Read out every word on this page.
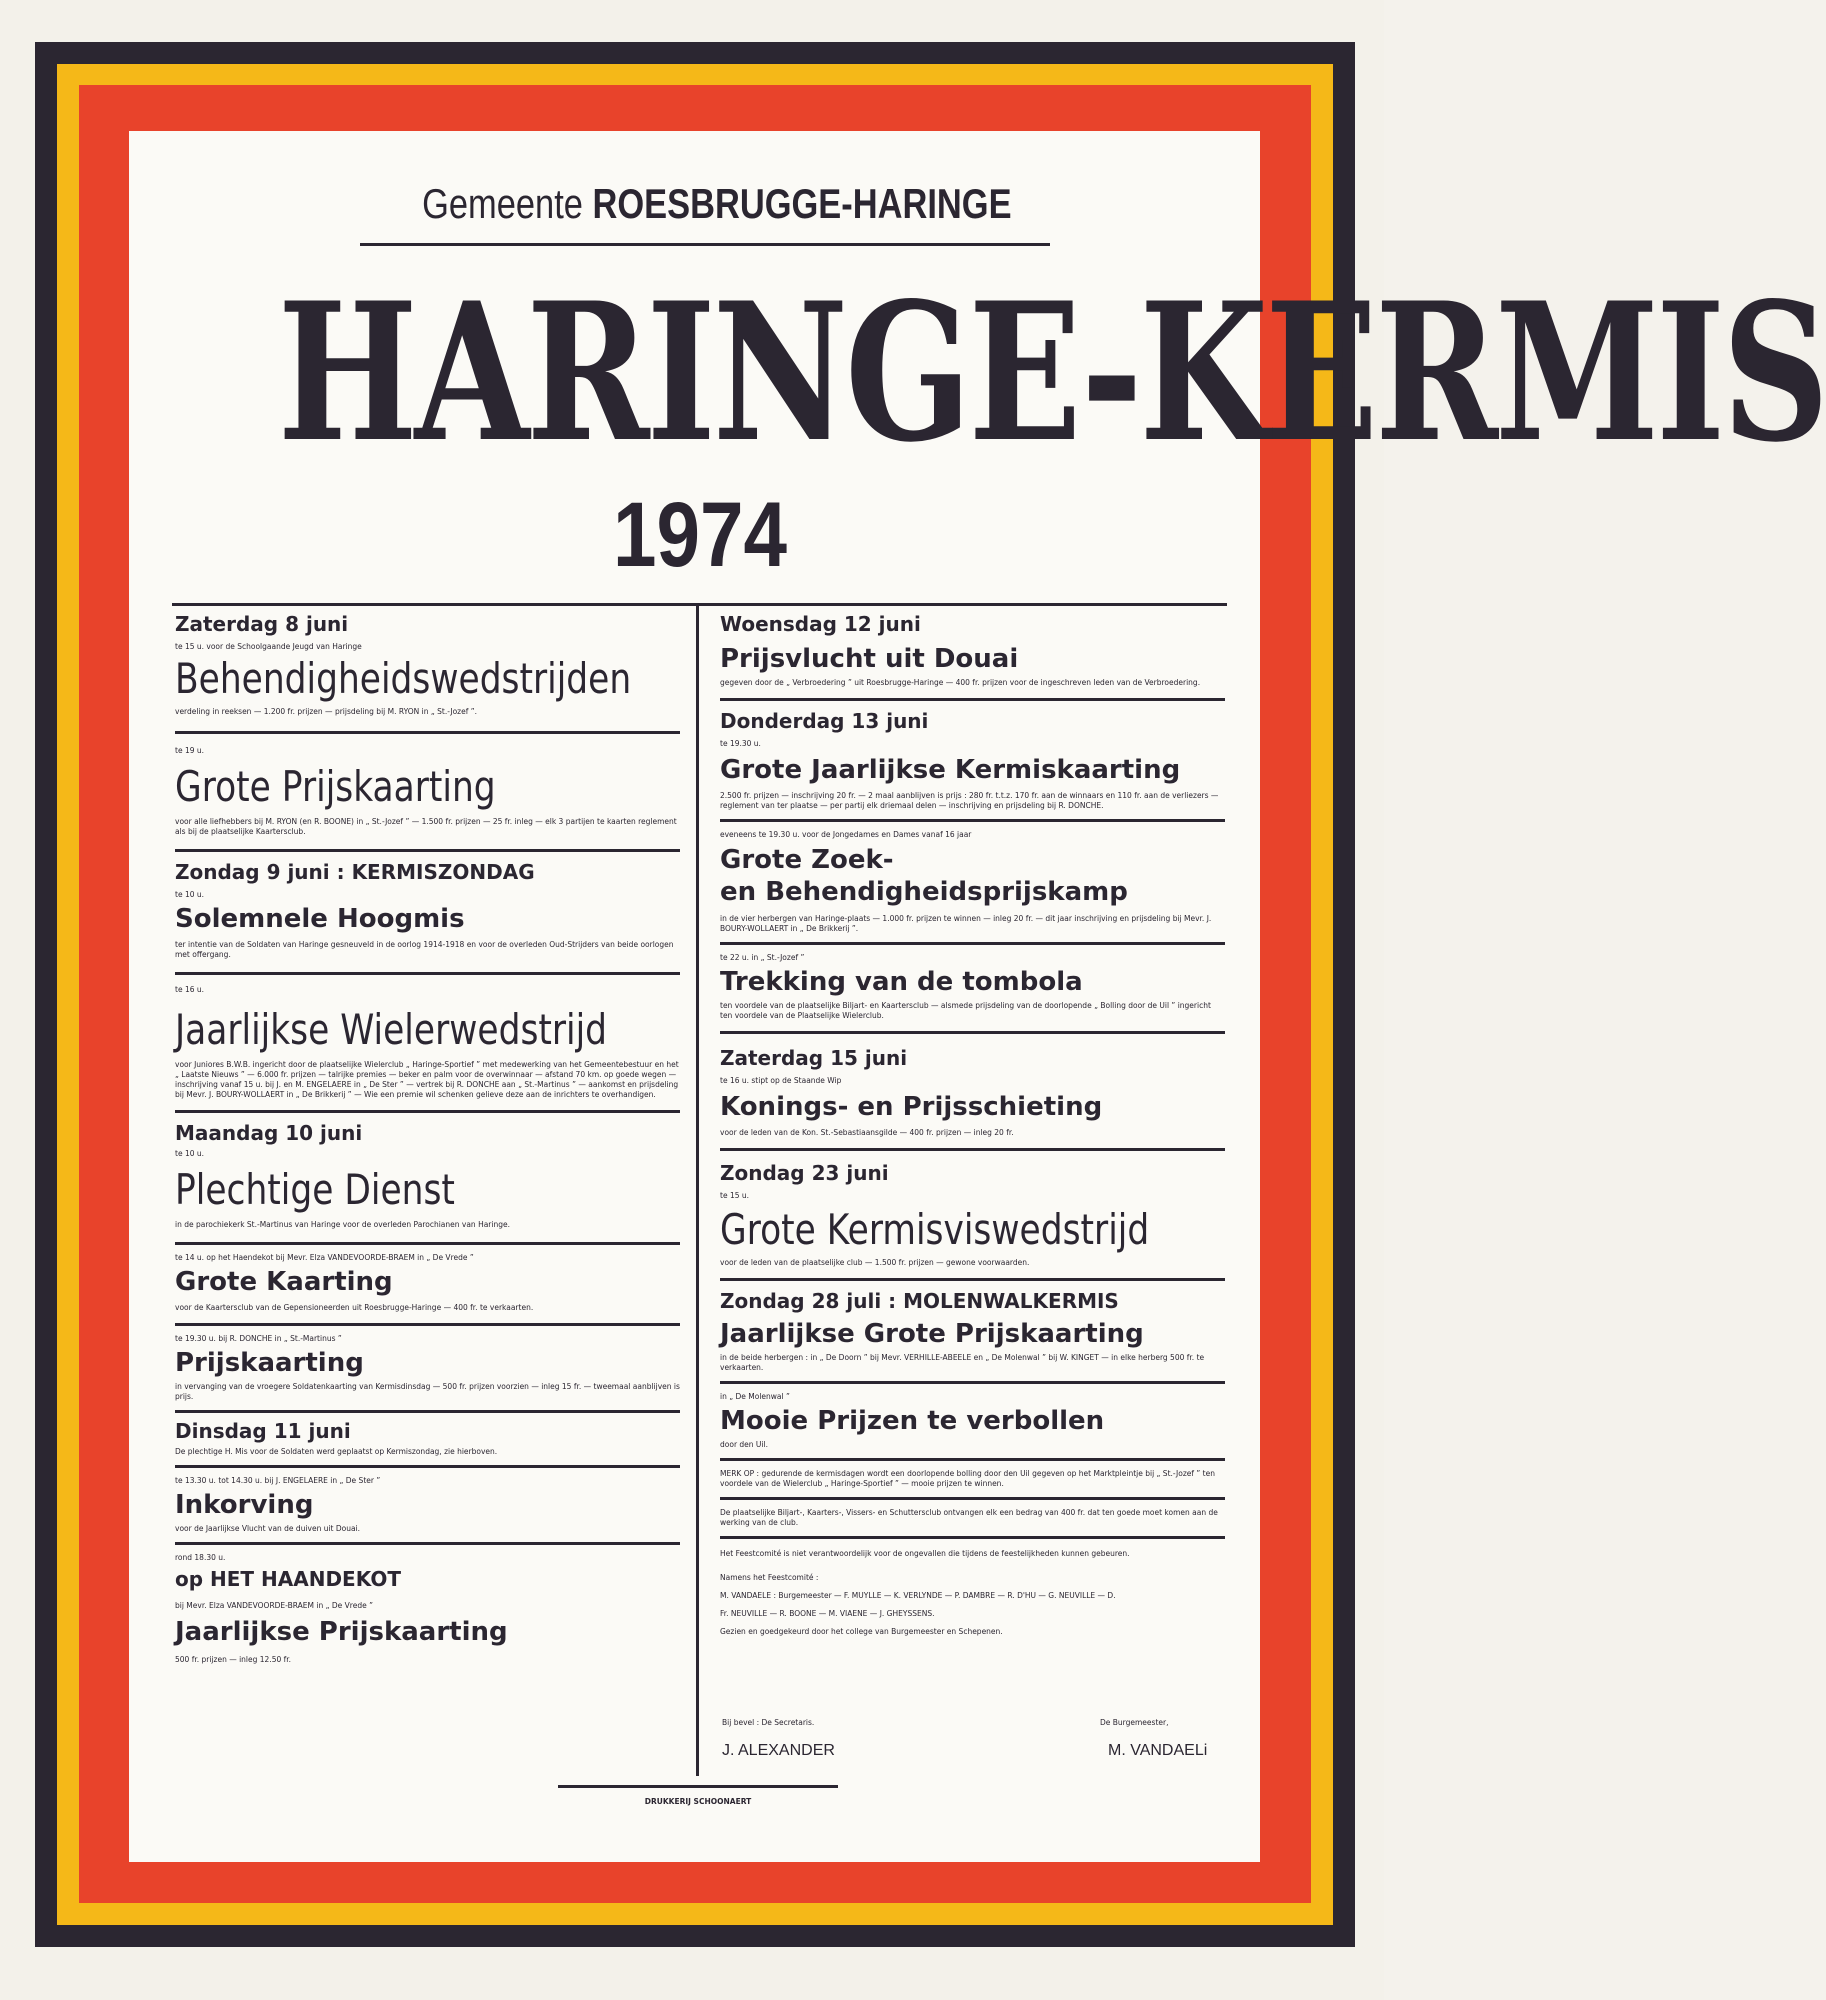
Gemeente ROESBRUGGE-HARINGE
HARINGE-KERMIS
1974

Zaterdag 8 juni

te 15 u. voor de Schoolgaande Jeugd van Haringe

Behendigheidswedstrijden

verdeling in reeksen — 1.200 fr. prijzen — prijsdeling bij M. RYON in „ St.-Jozef ”.

te 19 u.

Grote Prijskaarting

voor alle liefhebbers bij M. RYON (en R. BOONE) in „ St.-Jozef ” — 1.500 fr. prijzen — 25 fr. inleg — elk 3 partijen te kaarten reglement als bij de plaatselijke Kaartersclub.

Zondag 9 juni : KERMISZONDAG

te 10 u.

Solemnele Hoogmis

ter intentie van de Soldaten van Haringe gesneuveld in de oorlog 1914-1918 en voor de overleden Oud-Strijders van beide oorlogen met offergang.

te 16 u.

Jaarlijkse Wielerwedstrijd

voor Juniores B.W.B. ingericht door de plaatselijke Wielerclub „ Haringe-Sportief ” met medewerking van het Gemeentebestuur en het „ Laatste Nieuws ” — 6.000 fr. prijzen — talrijke premies — beker en palm voor de overwinnaar — afstand 70 km. op goede wegen — inschrijving vanaf 15 u. bij J. en M. ENGELAERE in „ De Ster ” — vertrek bij R. DONCHE aan „ St.-Martinus ” — aankomst en prijsdeling bij Mevr. J. BOURY-WOLLAERT in „ De Brikkerij ” — Wie een premie wil schenken gelieve deze aan de inrichters te overhandigen.

Maandag 10 juni

te 10 u.

Plechtige Dienst

in de parochiekerk St.-Martinus van Haringe voor de overleden Parochianen van Haringe.

te 14 u. op het Haendekot bij Mevr. Elza VANDEVOORDE-BRAEM in „ De Vrede ”

Grote Kaarting

voor de Kaartersclub van de Gepensioneerden uit Roesbrugge-Haringe — 400 fr. te verkaarten.

te 19.30 u. bij R. DONCHE in „ St.-Martinus ”

Prijskaarting

in vervanging van de vroegere Soldatenkaarting van Kermisdinsdag — 500 fr. prijzen voorzien — inleg 15 fr. — tweemaal aanblijven is prijs.

Dinsdag 11 juni

De plechtige H. Mis voor de Soldaten werd geplaatst op Kermiszondag, zie hierboven.

te 13.30 u. tot 14.30 u. bij J. ENGELAERE in „ De Ster ”

Inkorving

voor de Jaarlijkse Vlucht van de duiven uit Douai.

rond 18.30 u.

op HET HAANDEKOT

bij Mevr. Elza VANDEVOORDE-BRAEM in „ De Vrede ”

Jaarlijkse Prijskaarting

500 fr. prijzen — inleg 12.50 fr.

Woensdag 12 juni

Prijsvlucht uit Douai

gegeven door de „ Verbroedering ” uit Roesbrugge-Haringe — 400 fr. prijzen voor de ingeschreven leden van de Verbroedering.

Donderdag 13 juni

te 19.30 u.

Grote Jaarlijkse Kermiskaarting

2.500 fr. prijzen — inschrijving 20 fr. — 2 maal aanblijven is prijs : 280 fr. t.t.z. 170 fr. aan de winnaars en 110 fr. aan de verliezers — reglement van ter plaatse — per partij elk driemaal delen — inschrijving en prijsdeling bij R. DONCHE.

eveneens te 19.30 u. voor de Jongedames en Dames vanaf 16 jaar

Grote Zoek-

en Behendigheidsprijskamp

in de vier herbergen van Haringe-plaats — 1.000 fr. prijzen te winnen — inleg 20 fr. — dit jaar inschrijving en prijsdeling bij Mevr. J. BOURY-WOLLAERT in „ De Brikkerij ”.

te 22 u. in „ St.-Jozef ”

Trekking van de tombola

ten voordele van de plaatselijke Biljart- en Kaartersclub — alsmede prijsdeling van de doorlopende „ Bolling door de Uil ” ingericht ten voordele van de Plaatselijke Wielerclub.

Zaterdag 15 juni

te 16 u. stipt op de Staande Wip

Konings- en Prijsschieting

voor de leden van de Kon. St.-Sebastiaansgilde — 400 fr. prijzen — inleg 20 fr.

Zondag 23 juni

te 15 u.

Grote Kermisviswedstrijd

voor de leden van de plaatselijke club — 1.500 fr. prijzen — gewone voorwaarden.

Zondag 28 juli : MOLENWALKERMIS

Jaarlijkse Grote Prijskaarting

in de beide herbergen : in „ De Doorn ” bij Mevr. VERHILLE-ABEELE en „ De Molenwal ” bij W. KINGET — in elke herberg 500 fr. te verkaarten.

in „ De Molenwal ”

Mooie Prijzen te verbollen

door den Uil.

MERK OP : gedurende de kermisdagen wordt een doorlopende bolling door den Uil gegeven op het Marktpleintje bij „ St.-Jozef ” ten voordele van de Wielerclub „ Haringe-Sportief ” — mooie prijzen te winnen.

De plaatselijke Biljart-, Kaarters-, Vissers- en Schuttersclub ontvangen elk een bedrag van 400 fr. dat ten goede moet komen aan de werking van de club.

Het Feestcomité is niet verantwoordelijk voor de ongevallen die tijdens de feestelijkheden kunnen gebeuren.

Namens het Feestcomité :

M. VANDAELE : Burgemeester — F. MUYLLE — K. VERLYNDE — P. DAMBRE — R. D'HU — G. NEUVILLE — D.

Fr. NEUVILLE — R. BOONE — M. VIAENE — J. GHEYSSENS.

Gezien en goedgekeurd door het college van Burgemeester en Schepenen.

Bij bevel : De Secretaris.	De Burgemeester,
J. ALEXANDER	M. VANDAELi
DRUKKERIJ SCHOONAERT
